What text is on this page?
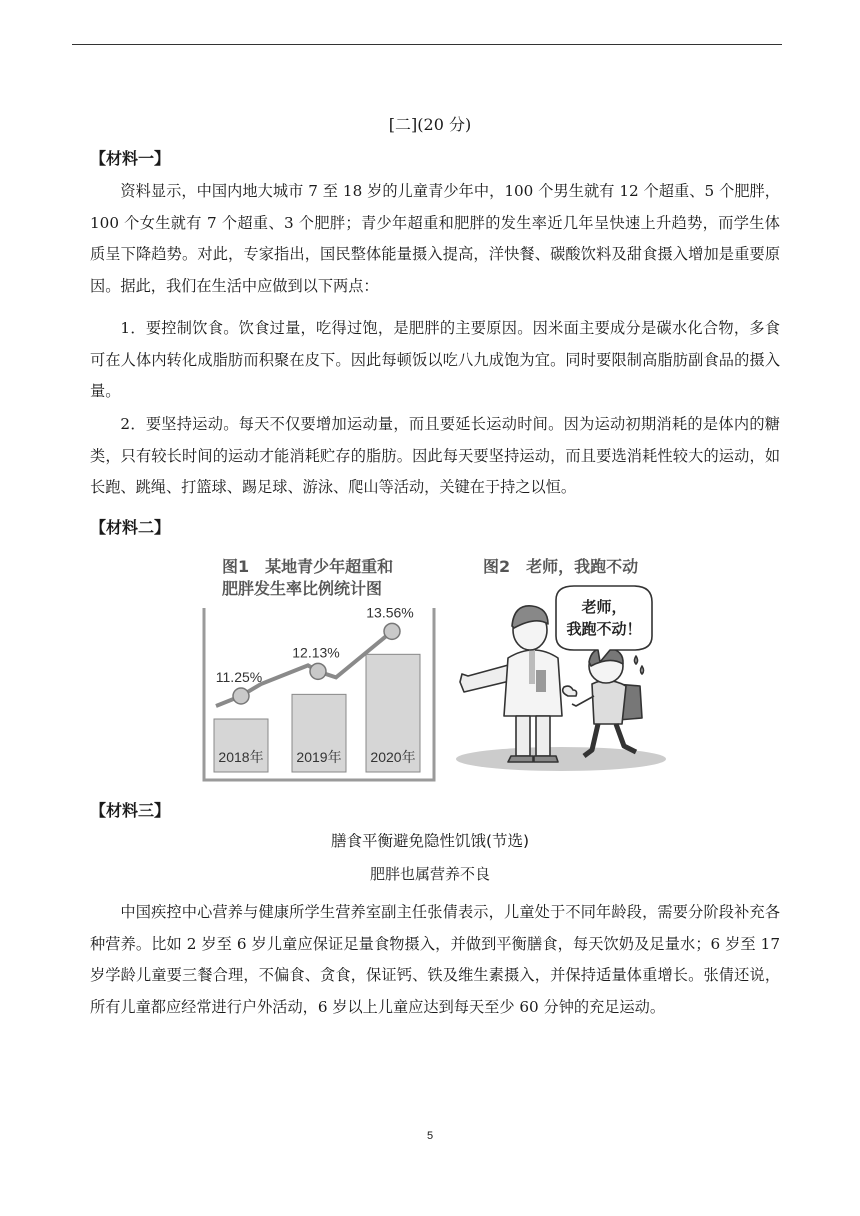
[二](20 分)
【材料一】

资料显示，中国内地大城市 7 至 18 岁的儿童青少年中，100 个男生就有 12 个超重、5 个肥胖，100 个女生就有 7 个超重、3 个肥胖；青少年超重和肥胖的发生率近几年呈快速上升趋势，而学生体质呈下降趋势。对此，专家指出，国民整体能量摄入提高，洋快餐、碳酸饮料及甜食摄入增加是重要原因。据此，我们在生活中应做到以下两点：

1．要控制饮食。饮食过量，吃得过饱，是肥胖的主要原因。因米面主要成分是碳水化合物，多食可在人体内转化成脂肪而积聚在皮下。因此每顿饭以吃八九成饱为宜。同时要限制高脂肪副食品的摄入量。

2．要坚持运动。每天不仅要增加运动量，而且要延长运动时间。因为运动初期消耗的是体内的糖类，只有较长时间的运动才能消耗贮存的脂肪。因此每天要坚持运动，而且要选消耗性较大的运动，如长跑、跳绳、打篮球、踢足球、游泳、爬山等活动，关键在于持之以恒。

【材料二】

图1　某地青少年超重和

肥胖发生率比例统计图

图2　老师，我跑不动

2018年
11.25%
2019年
12.13%
2020年
13.56%	老师，
我跑不动！
【材料三】
膳食平衡避免隐性饥饿(节选)
肥胖也属营养不良

中国疾控中心营养与健康所学生营养室副主任张倩表示，儿童处于不同年龄段，需要分阶段补充各种营养。比如 2 岁至 6 岁儿童应保证足量食物摄入，并做到平衡膳食，每天饮奶及足量水；6 岁至 17 岁学龄儿童要三餐合理，不偏食、贪食，保证钙、铁及维生素摄入，并保持适量体重增长。张倩还说，所有儿童都应经常进行户外活动，6 岁以上儿童应达到每天至少 60 分钟的充足运动。

5
